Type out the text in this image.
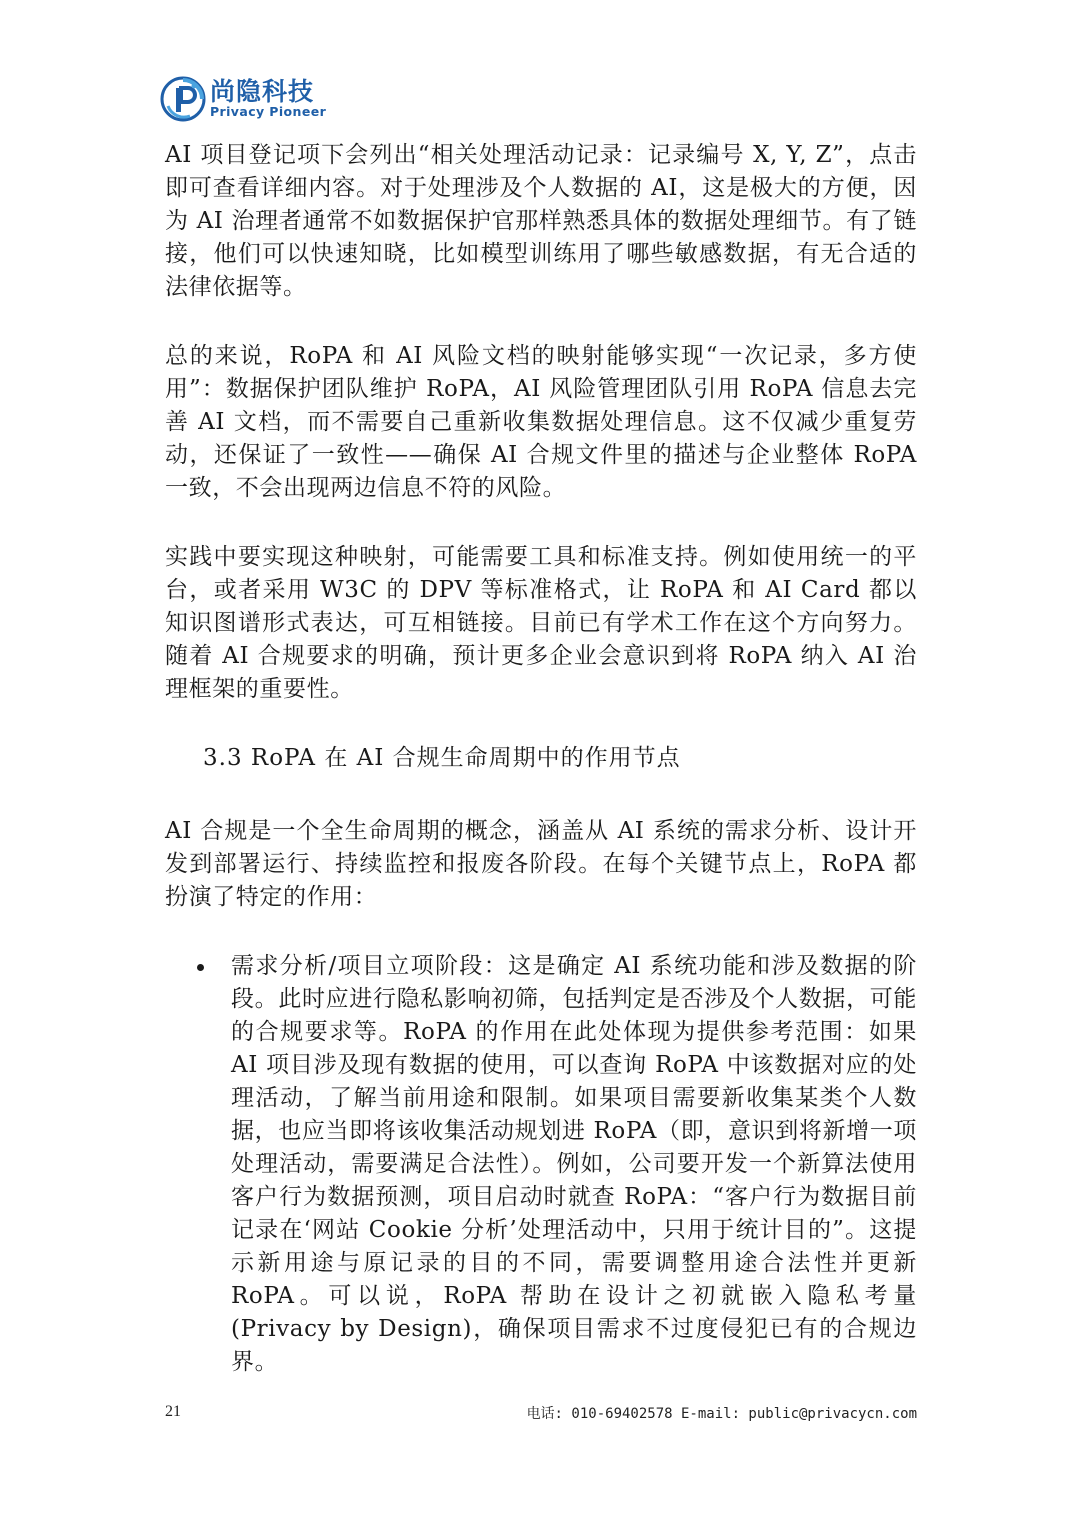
尚隐科技
Privacy Pioneer

AI 项目登记项下会列出“相关处理活动记录：记录编号 X, Y, Z”，点击即可查看详细内容。对于处理涉及个人数据的 AI，这是极大的方便，因为 AI 治理者通常不如数据保护官那样熟悉具体的数据处理细节。有了链接，他们可以快速知晓，比如模型训练用了哪些敏感数据，有无合适的法律依据等。

总的来说，RoPA 和 AI 风险文档的映射能够实现“一次记录，多方使用”：数据保护团队维护 RoPA，AI 风险管理团队引用 RoPA 信息去完善 AI 文档，而不需要自己重新收集数据处理信息。这不仅减少重复劳动，还保证了一致性——确保 AI 合规文件里的描述与企业整体 RoPA 一致，不会出现两边信息不符的风险。

实践中要实现这种映射，可能需要工具和标准支持。例如使用统一的平台，或者采用 W3C 的 DPV 等标准格式，让 RoPA 和 AI Card 都以知识图谱形式表达，可互相链接。目前已有学术工作在这个方向努力。随着 AI 合规要求的明确，预计更多企业会意识到将 RoPA 纳入 AI 治理框架的重要性。

3.3 RoPA 在 AI 合规生命周期中的作用节点

AI 合规是一个全生命周期的概念，涵盖从 AI 系统的需求分析、设计开发到部署运行、持续监控和报废各阶段。在每个关键节点上，RoPA 都扮演了特定的作用：

需求分析/项目立项阶段：这是确定 AI 系统功能和涉及数据的阶段。此时应进行隐私影响初筛，包括判定是否涉及个人数据，可能的合规要求等。RoPA 的作用在此处体现为提供参考范围：如果 AI 项目涉及现有数据的使用，可以查询 RoPA 中该数据对应的处理活动，了解当前用途和限制。如果项目需要新收集某类个人数据，也应当即将该收集活动规划进 RoPA（即，意识到将新增一项处理活动，需要满足合法性）。例如，公司要开发一个新算法使用客户行为数据预测，项目启动时就查 RoPA：“客户行为数据目前记录在‘网站 Cookie 分析’处理活动中，只用于统计目的”。这提示新用途与原记录的目的不同，需要调整用途合法性并更新 RoPA。可以说，RoPA 帮助在设计之初就嵌入隐私考量 (Privacy by Design)，确保项目需求不过度侵犯已有的合规边界。
21	电话: 010-69402578 E-mail: public@privacycn.com
